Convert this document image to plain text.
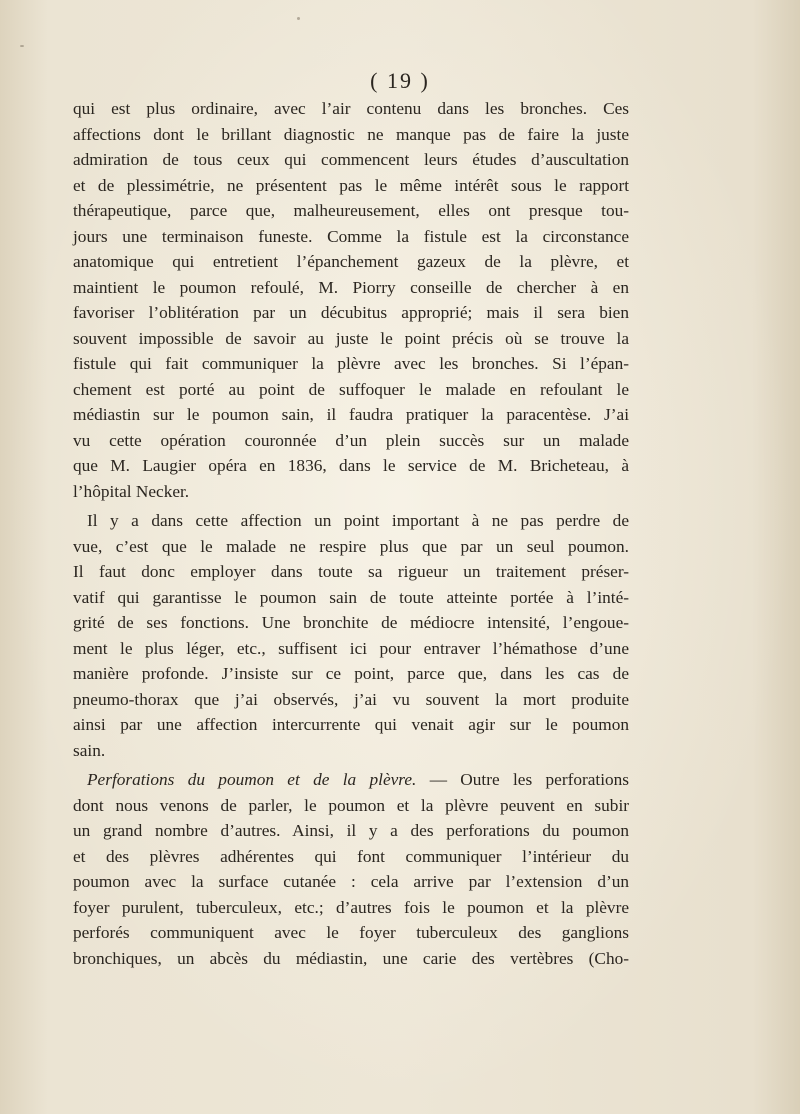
( 19 )
qui est plus ordinaire, avec l’air contenu dans les bronches. Ces
affections dont le brillant diagnostic ne manque pas de faire la juste
admiration de tous ceux qui commencent leurs études d’auscultation
et de plessimétrie, ne présentent pas le même intérêt sous le rapport
thérapeutique, parce que, malheureusement, elles ont presque tou-
jours une terminaison funeste. Comme la fistule est la circonstance
anatomique qui entretient l’épanchement gazeux de la plèvre, et
maintient le poumon refoulé, M. Piorry conseille de chercher à en
favoriser l’oblitération par un décubitus approprié; mais il sera bien
souvent impossible de savoir au juste le point précis où se trouve la
fistule qui fait communiquer la plèvre avec les bronches. Si l’épan-
chement est porté au point de suffoquer le malade en refoulant le
médiastin sur le poumon sain, il faudra pratiquer la paracentèse. J’ai
vu cette opération couronnée d’un plein succès sur un malade
que M. Laugier opéra en 1836, dans le service de M. Bricheteau, à
l’hôpital Necker.
Il y a dans cette affection un point important à ne pas perdre de
vue, c’est que le malade ne respire plus que par un seul poumon.
Il faut donc employer dans toute sa rigueur un traitement préser-
vatif qui garantisse le poumon sain de toute atteinte portée à l’inté-
grité de ses fonctions. Une bronchite de médiocre intensité, l’engoue-
ment le plus léger, etc., suffisent ici pour entraver l’hémathose d’une
manière profonde. J’insiste sur ce point, parce que, dans les cas de
pneumo-thorax que j’ai observés, j’ai vu souvent la mort produite
ainsi par une affection intercurrente qui venait agir sur le poumon
sain.
Perforations du poumon et de la plèvre. — Outre les perforations
dont nous venons de parler, le poumon et la plèvre peuvent en subir
un grand nombre d’autres. Ainsi, il y a des perforations du poumon
et des plèvres adhérentes qui font communiquer l’intérieur du
poumon avec la surface cutanée : cela arrive par l’extension d’un
foyer purulent, tuberculeux, etc.; d’autres fois le poumon et la plèvre
perforés communiquent avec le foyer tuberculeux des ganglions
bronchiques, un abcès du médiastin, une carie des vertèbres (Cho-
